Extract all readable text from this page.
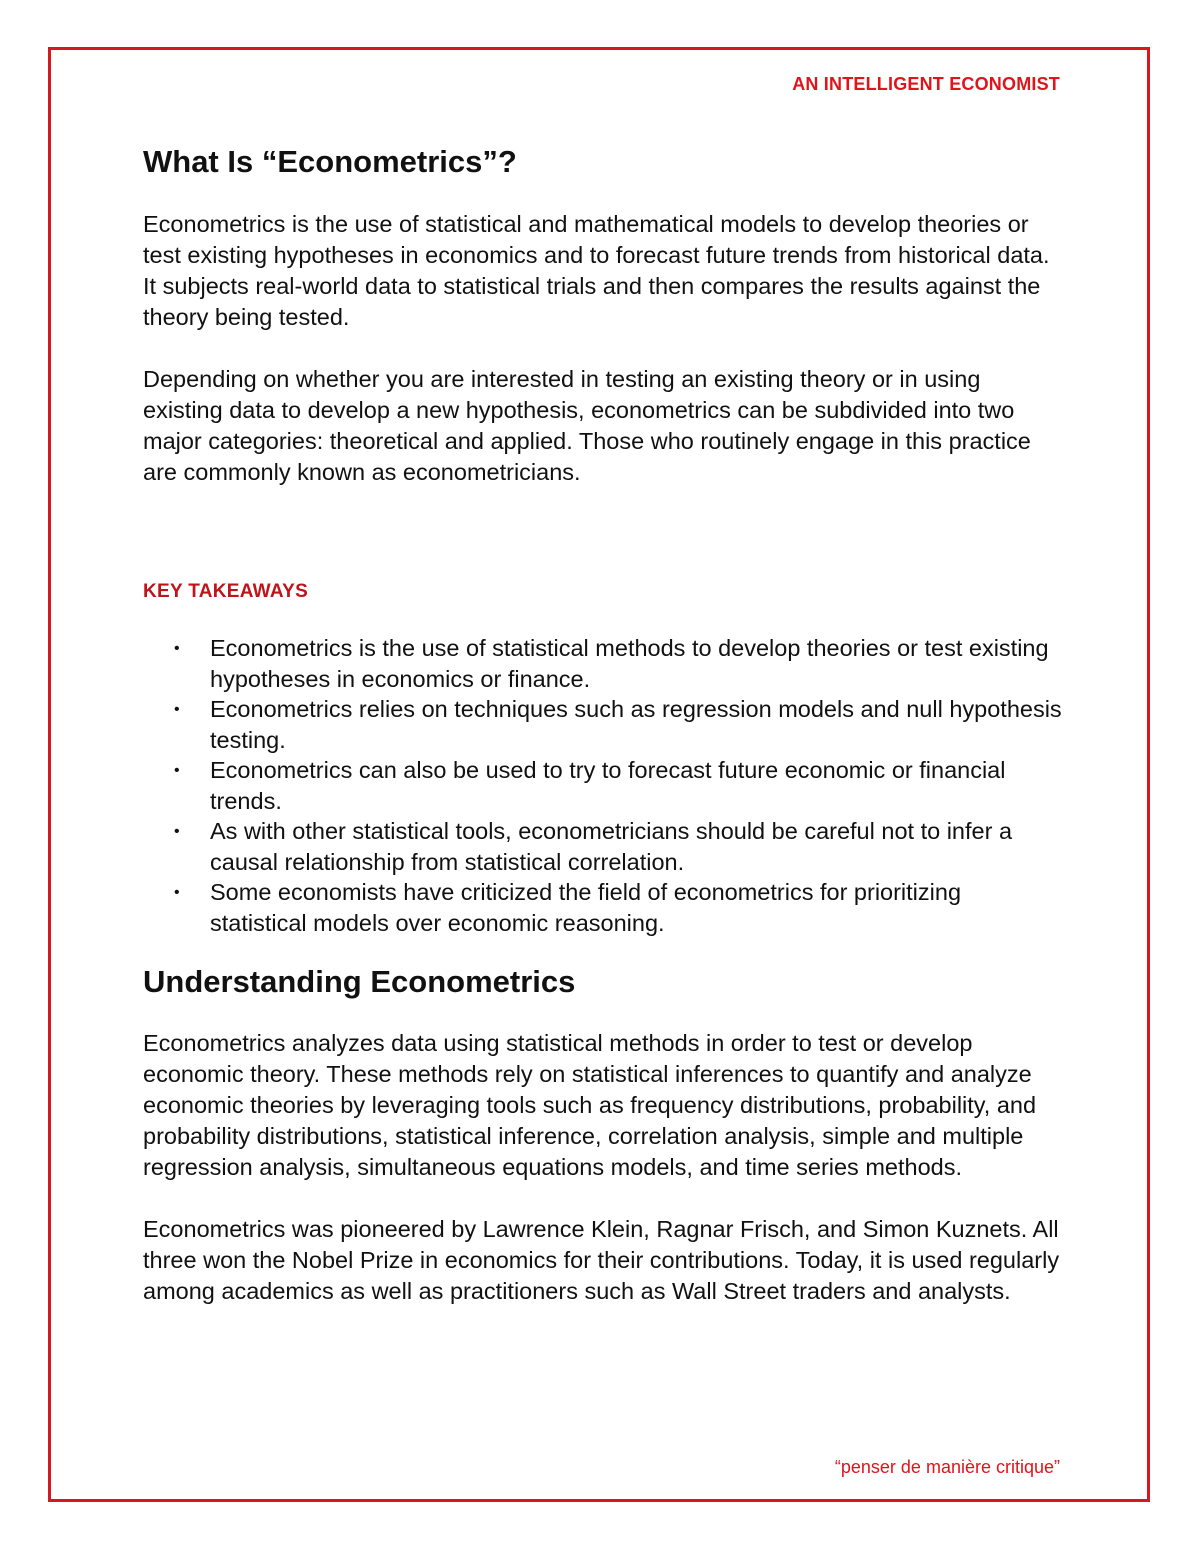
AN INTELLIGENT ECONOMIST
What Is “Econometrics”?

Econometrics is the use of statistical and mathematical models to develop theories or test existing hypotheses in economics and to forecast future trends from historical data. It subjects real-world data to statistical trials and then compares the results against the theory being tested.

Depending on whether you are interested in testing an existing theory or in using existing data to develop a new hypothesis, econometrics can be subdivided into two major categories: theoretical and applied. Those who routinely engage in this practice are commonly known as econometricians.

KEY TAKEAWAYS
• Econometrics is the use of statistical methods to develop theories or test existing hypotheses in economics or finance.
• Econometrics relies on techniques such as regression models and null hypothesis testing.
• Econometrics can also be used to try to forecast future economic or financial trends.
• As with other statistical tools, econometricians should be careful not to infer a causal relationship from statistical correlation.
• Some economists have criticized the field of econometrics for prioritizing statistical models over economic reasoning.
Understanding Econometrics

Econometrics analyzes data using statistical methods in order to test or develop economic theory. These methods rely on statistical inferences to quantify and analyze economic theories by leveraging tools such as frequency distributions, probability, and probability distributions, statistical inference, correlation analysis, simple and multiple regression analysis, simultaneous equations models, and time series methods.

Econometrics was pioneered by Lawrence Klein, Ragnar Frisch, and Simon Kuznets. All three won the Nobel Prize in economics for their contributions. Today, it is used regularly among academics as well as practitioners such as Wall Street traders and analysts.

“penser de manière critique”
